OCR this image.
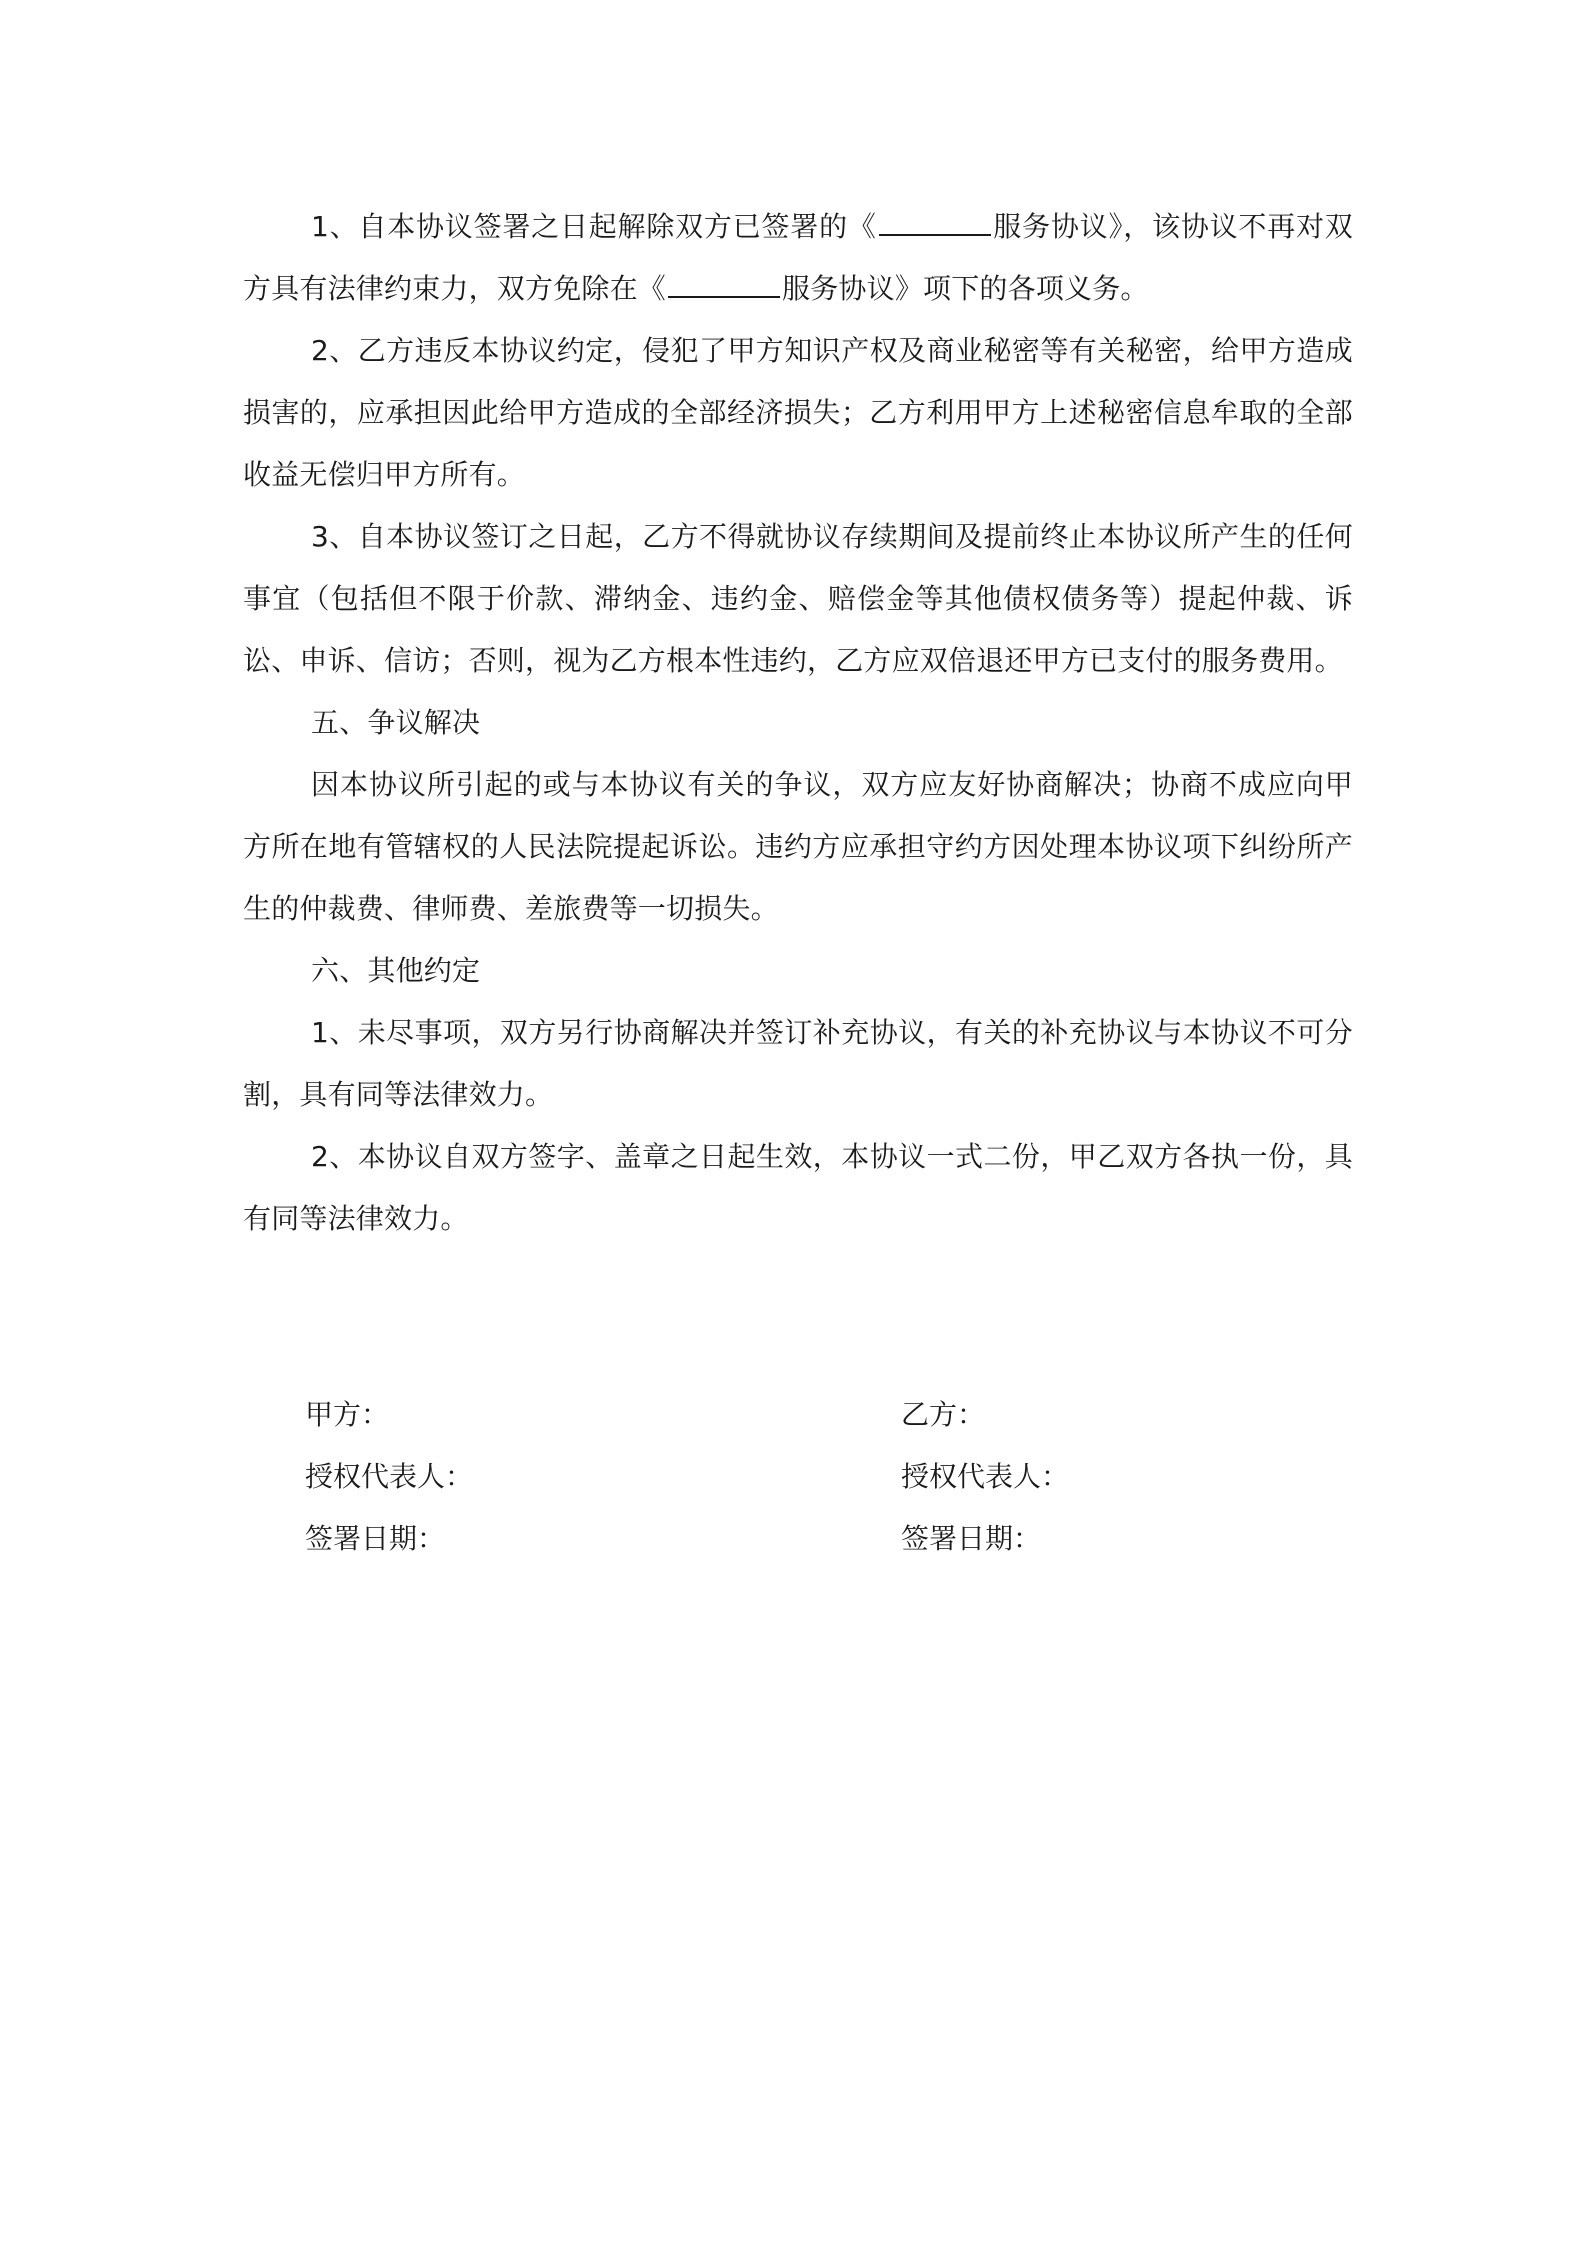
1、自本协议签署之日起解除双方已签署的《	服务协议》，该协议不再对双方具有法律约束力，双方免除在《	服务协议》项下的各项义务。

2、乙方违反本协议约定，侵犯了甲方知识产权及商业秘密等有关秘密，给甲方造成损害的，应承担因此给甲方造成的全部经济损失；乙方利用甲方上述秘密信息牟取的全部收益无偿归甲方所有。

3、自本协议签订之日起，乙方不得就协议存续期间及提前终止本协议所产生的任何事宜（包括但不限于价款、滞纳金、违约金、赔偿金等其他债权债务等）提起仲裁、诉讼、申诉、信访；否则，视为乙方根本性违约，乙方应双倍退还甲方已支付的服务费用。

五、争议解决

因本协议所引起的或与本协议有关的争议，双方应友好协商解决；协商不成应向甲方所在地有管辖权的人民法院提起诉讼。违约方应承担守约方因处理本协议项下纠纷所产生的仲裁费、律师费、差旅费等一切损失。

六、其他约定

1、未尽事项，双方另行协商解决并签订补充协议，有关的补充协议与本协议不可分割，具有同等法律效力。

2、本协议自双方签字、盖章之日起生效，本协议一式二份，甲乙双方各执一份，具有同等法律效力。

甲方：
授权代表人：
签署日期：
乙方：
授权代表人：
签署日期：
